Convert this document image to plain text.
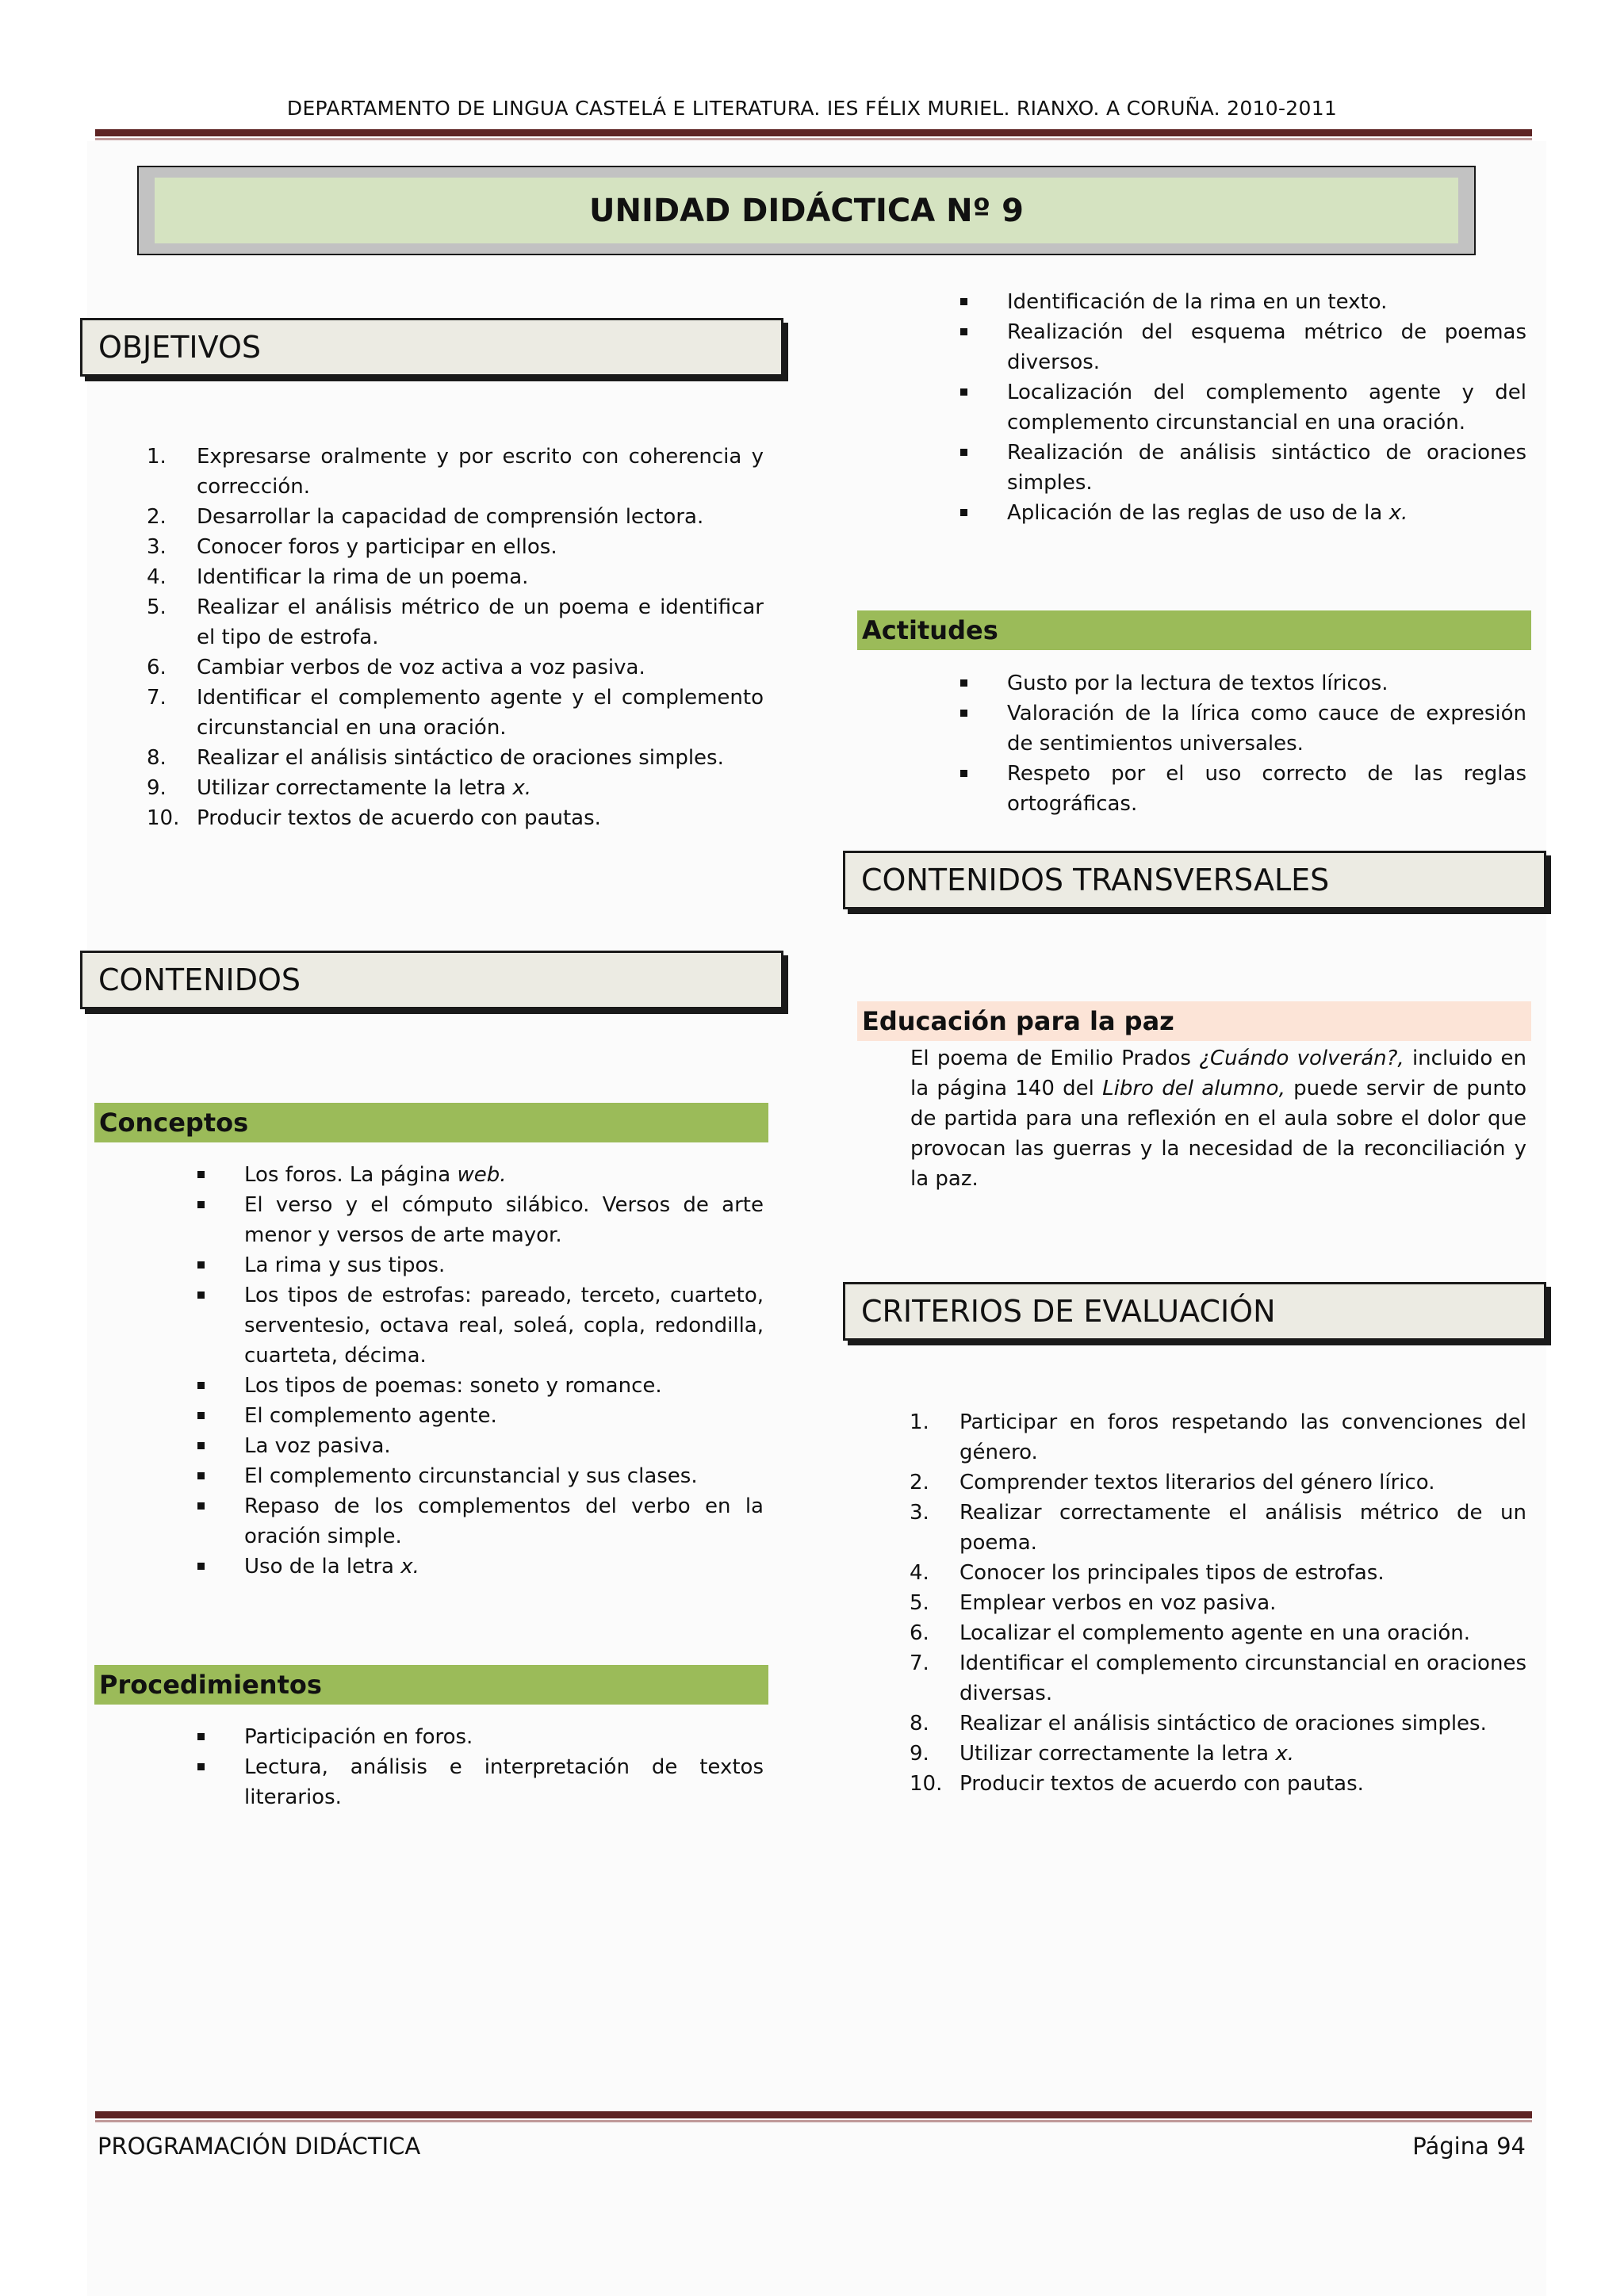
DEPARTAMENTO DE LINGUA CASTELÁ E LITERATURA. IES FÉLIX MURIEL. RIANXO. A CORUÑA. 2010-2011
UNIDAD DIDÁCTICA Nº 9
OBJETIVOS
1.	Expresarse oralmente y por escrito con coherencia y corrección.
2.	Desarrollar la capacidad de comprensión lectora.
3.	Conocer foros y participar en ellos.
4.	Identificar la rima de un poema.
5.	Realizar el análisis métrico de un poema e identificar el tipo de estrofa.
6.	Cambiar verbos de voz activa a voz pasiva.
7.	Identificar el complemento agente y el complemento circunstancial en una oración.
8.	Realizar el análisis sintáctico de oraciones simples.
9.	Utilizar correctamente la letra x.
10. Producir textos de acuerdo con pautas.
CONTENIDOS
Conceptos
Los foros. La página web.
El verso y el cómputo silábico. Versos de arte menor y versos de arte mayor.
La rima y sus tipos.
Los tipos de estrofas: pareado, terceto, cuarteto, serventesio, octava real, soleá, copla, redondilla, cuarteta, décima.
Los tipos de poemas: soneto y romance.
El complemento agente.
La voz pasiva.
El complemento circunstancial y sus clases.
Repaso de los complementos del verbo en la oración simple.
Uso de la letra x.
Procedimientos
Participación en foros.
Lectura, análisis e interpretación de textos literarios.
Identificación de la rima en un texto.
Realización del esquema métrico de poemas diversos.
Localización del complemento agente y del complemento circunstancial en una oración.
Realización de análisis sintáctico de oraciones simples.
Aplicación de las reglas de uso de la x.
Actitudes
Gusto por la lectura de textos líricos.
Valoración de la lírica como cauce de expresión de sentimientos universales.
Respeto por el uso correcto de las reglas ortográficas.
CONTENIDOS TRANSVERSALES
Educación para la paz

El poema de Emilio Prados ¿Cuándo volverán?, incluido en la página 140 del Libro del alumno, puede servir de punto de partida para una reflexión en el aula sobre el dolor que provocan las guerras y la necesidad de la reconciliación y la paz.

CRITERIOS DE EVALUACIÓN
1.	Participar en foros respetando las convenciones del género.
2.	Comprender textos literarios del género lírico.
3.	Realizar correctamente el análisis métrico de un poema.
4.	Conocer los principales tipos de estrofas.
5.	Emplear verbos en voz pasiva.
6.	Localizar el complemento agente en una oración.
7.	Identificar el complemento circunstancial en oraciones diversas.
8.	Realizar el análisis sintáctico de oraciones simples.
9.	Utilizar correctamente la letra x.
10. Producir textos de acuerdo con pautas.
PROGRAMACIÓN DIDÁCTICA	Página 94
